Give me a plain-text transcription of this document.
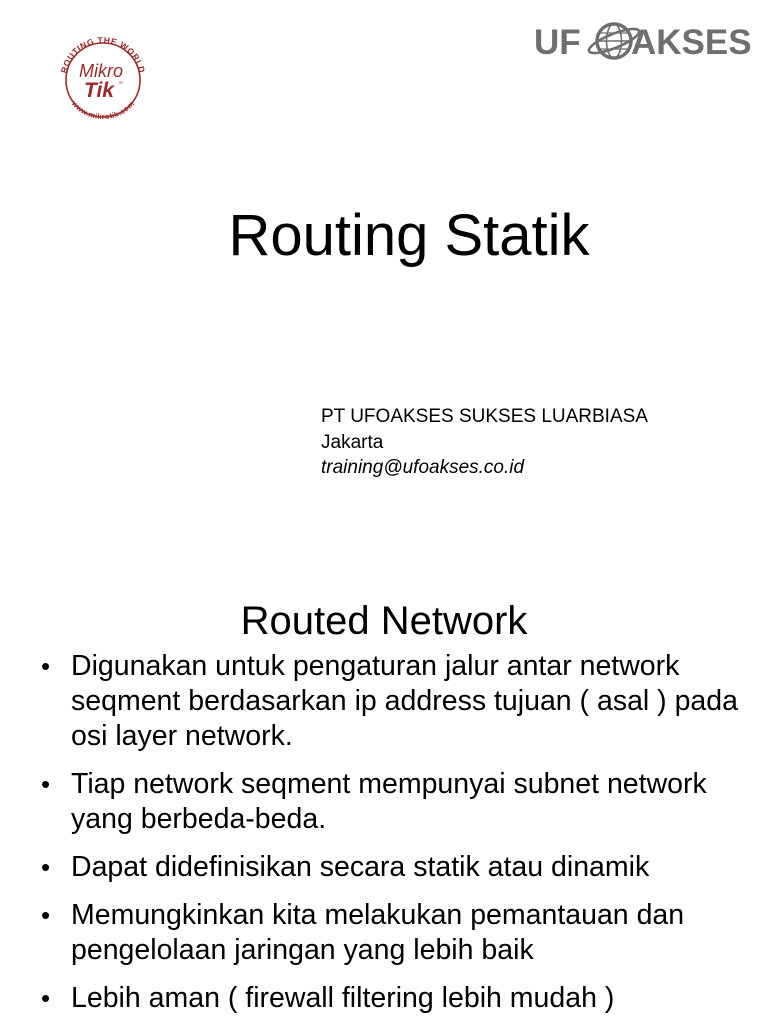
ROUTING THE WORLD
www.mikrotik.com
Mikro
Tik ™
UF AKSES
Routing Statik
PT UFOAKSES SUKSES LUARBIASA
Jakarta
training@ufoakses.co.id
Routed Network
• Digunakan untuk pengaturan jalur antar network seqment berdasarkan ip address tujuan ( asal ) pada osi layer network.
• Tiap network seqment mempunyai subnet network yang berbeda-beda.
• Dapat didefinisikan secara statik atau dinamik
• Memungkinkan kita melakukan pemantauan dan pengelolaan jaringan yang lebih baik
• Lebih aman ( firewall filtering lebih mudah )
